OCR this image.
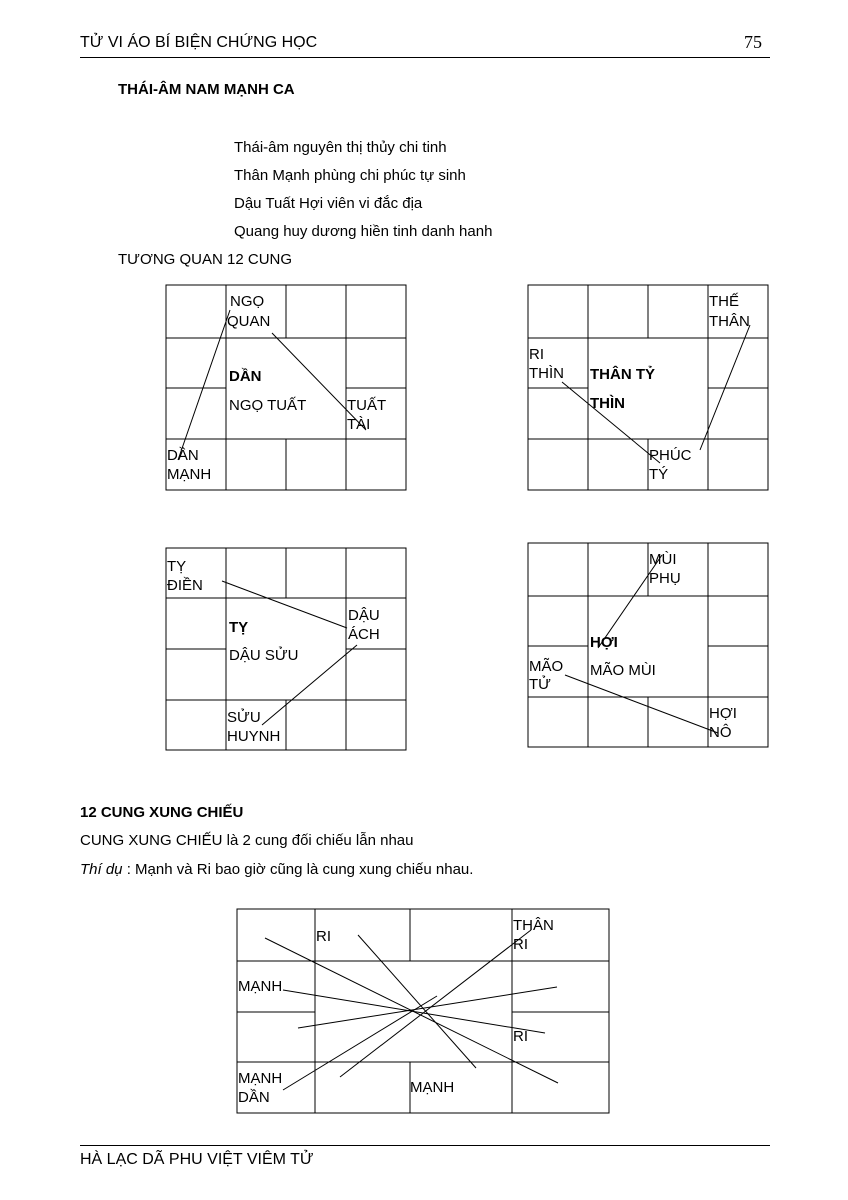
TỬ VI ÁO BÍ BIỆN CHỨNG HỌC	75
THÁI-ÂM NAM MẠNH CA
Thái-âm nguyên thị thủy chi tinh
Thân Mạnh phùng chi phúc tự sinh
Dậu Tuất Hợi viên vi đắc địa
Quang huy dương hiền tinh danh hanh
TƯƠNG QUAN 12 CUNG
NGỌ
QUAN
DẦN
NGỌ TUẤT	TUẤT
TÀI
DẦN
MẠNH
THẾ
THÂN
RI
THÌN THÂN TỶ
THÌN
PHÚC
TÝ
TỴ
ĐIỀN
TỴ
DẬU SỬU
DẬU
ÁCH
SỬU
HUYNH
MÙI
PHỤ
HỢI
MÃO MÙI
MÃO
TỬ
HỢI
NÔ
12 CUNG XUNG CHIẾU
CUNG XUNG CHIẾU là 2 cung đối chiếu lẫn nhau
Thí dụ : Mạnh và Ri bao giờ cũng là cung xung chiếu nhau.
RI
THÂN
RI
MẠNH
RI
MẠNH
DẦN
MẠNH
HÀ LẠC DÃ PHU VIỆT VIÊM TỬ
